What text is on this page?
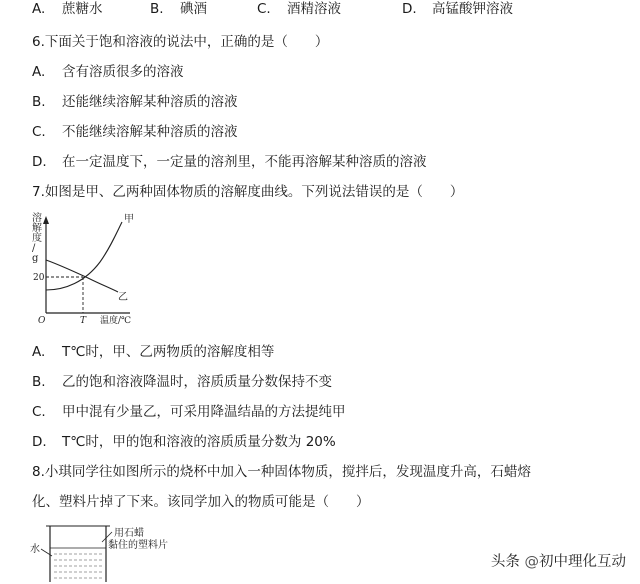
A. 蔗糖水	B. 碘酒	C. 酒精溶液	D. 高锰酸钾溶液
6.下面关于饱和溶液的说法中，正确的是（　　）
A. 含有溶质很多的溶液
B. 还能继续溶解某种溶质的溶液
C. 不能继续溶解某种溶质的溶液
D. 在一定温度下，一定量的溶剂里，不能再溶解某种溶质的溶液
7.如图是甲、乙两种固体物质的溶解度曲线。下列说法错误的是（　　）
溶解度/ g
20
O	T 温度/℃
甲
乙
A. T℃时，甲、乙两物质的溶解度相等
B. 乙的饱和溶液降温时，溶质质量分数保持不变
C. 甲中混有少量乙，可采用降温结晶的方法提纯甲
D. T℃时，甲的饱和溶液的溶质质量分数为 20%
8.小琪同学往如图所示的烧杯中加入一种固体物质，搅拌后，发现温度升高，石蜡熔
化、塑料片掉了下来。该同学加入的物质可能是（　　）
水
用石蜡
黏住的塑料片
头条 @初中理化互动
